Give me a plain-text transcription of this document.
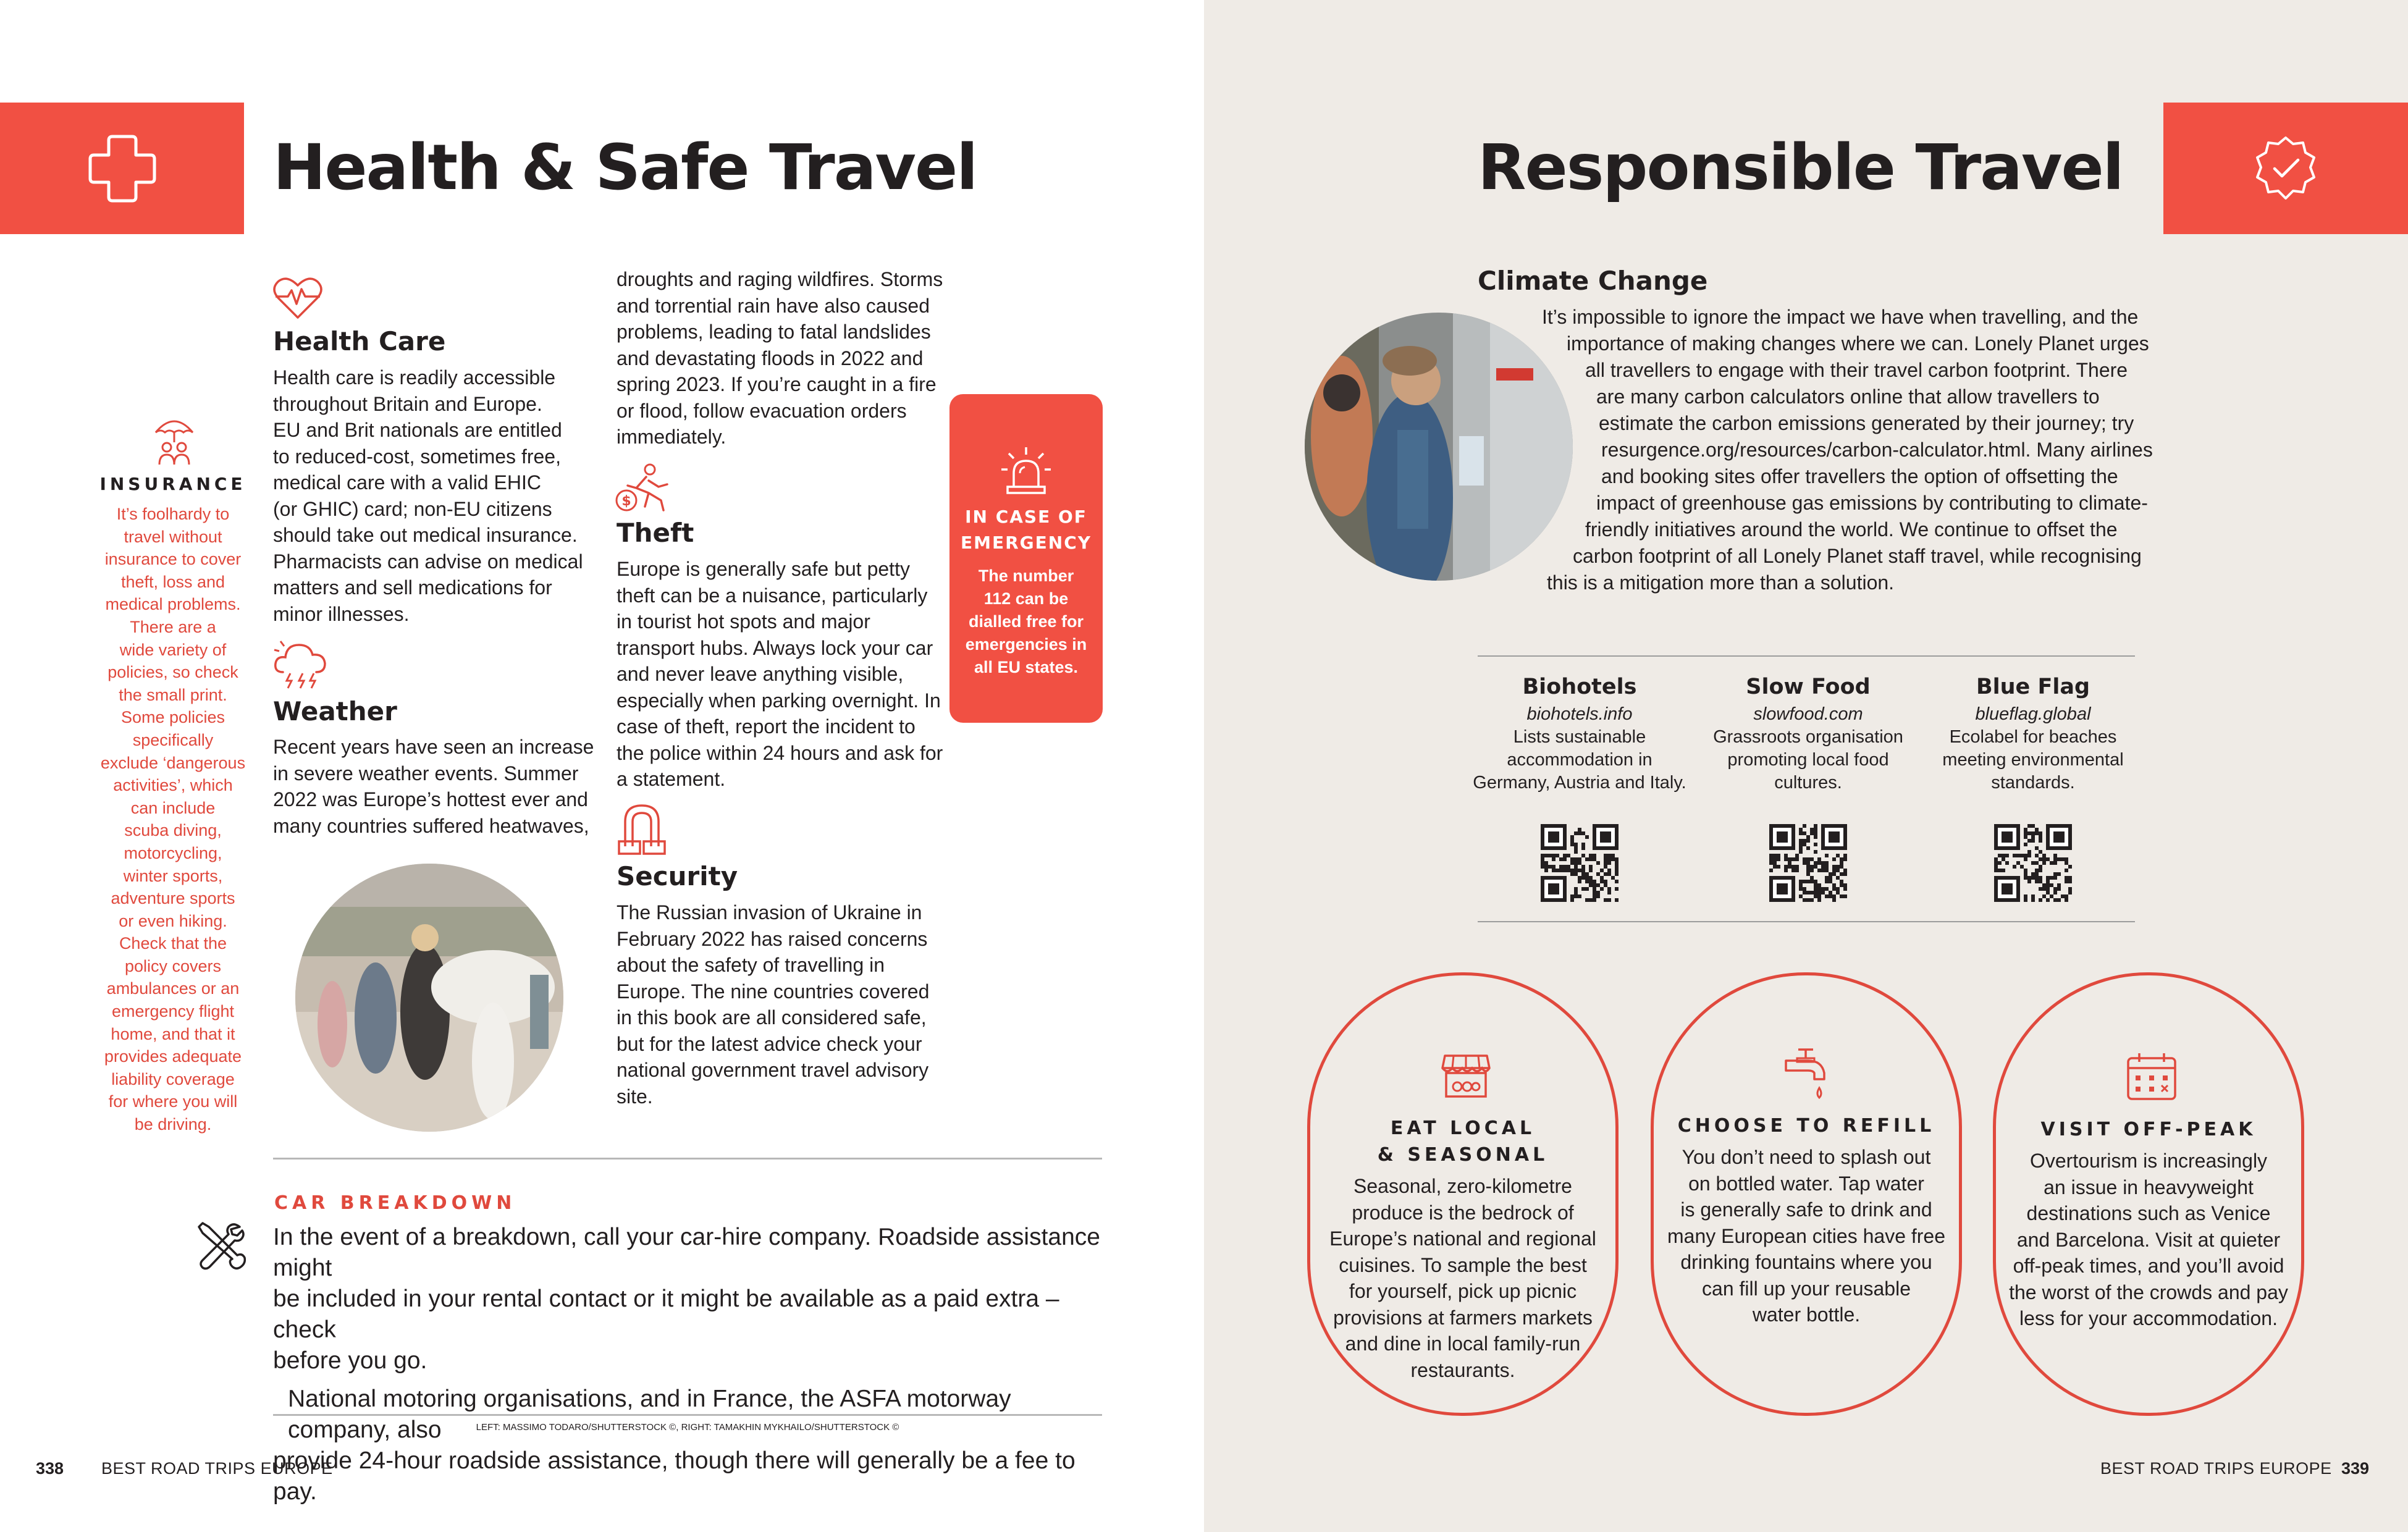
Health & Safe Travel
INSURANCE
It’s foolhardy to
travel without
insurance to cover
theft, loss and
medical problems.
There are a
wide variety of
policies, so check
the small print.
Some policies
specifically
exclude ‘dangerous
activities’, which
can include
scuba diving,
motorcycling,
winter sports,
adventure sports
or even hiking.
Check that the
policy covers
ambulances or an
emergency flight
home, and that it
provides adequate
liability coverage
for where you will
be driving.
Health Care
Health care is readily accessible
throughout Britain and Europe.
EU and Brit nationals are entitled
to reduced-cost, sometimes free,
medical care with a valid EHIC
(or GHIC) card; non-EU citizens
should take out medical insurance.
Pharmacists can advise on medical
matters and sell medications for
minor illnesses.
Weather
Recent years have seen an increase
in severe weather events. Summer
2022 was Europe’s hottest ever and
many countries suffered heatwaves,
droughts and raging wildfires. Storms
and torrential rain have also caused
problems, leading to fatal landslides
and devastating floods in 2022 and
spring 2023. If you’re caught in a fire
or flood, follow evacuation orders
immediately.
$
Theft
Europe is generally safe but petty
theft can be a nuisance, particularly
in tourist hot spots and major
transport hubs. Always lock your car
and never leave anything visible,
especially when parking overnight. In
case of theft, report the incident to
the police within 24 hours and ask for
a statement.
Security
The Russian invasion of Ukraine in
February 2022 has raised concerns
about the safety of travelling in
Europe. The nine countries covered
in this book are all considered safe,
but for the latest advice check your
national government travel advisory
site.
IN CASE OF
EMERGENCY
The number
112 can be
dialled free for
emergencies in
all EU states.
CAR BREAKDOWN
In the event of a breakdown, call your car-hire company. Roadside assistance might
be included in your rental contact or it might be available as a paid extra – check
before you go.
National motoring organisations, and in France, the ASFA motorway company, also
provide 24-hour roadside assistance, though there will generally be a fee to pay.
LEFT: MASSIMO TODARO/SHUTTERSTOCK ©, RIGHT: TAMAKHIN MYKHAILO/SHUTTERSTOCK ©
338 BEST ROAD TRIPS EUROPE
Responsible Travel
Climate Change
It’s impossible to ignore the impact we have when travelling, and the
importance of making changes where we can. Lonely Planet urges
all travellers to engage with their travel carbon footprint. There
are many carbon calculators online that allow travellers to
estimate the carbon emissions generated by their journey; try
resurgence.org/resources/carbon-calculator.html. Many airlines
and booking sites offer travellers the option of offsetting the
impact of greenhouse gas emissions by contributing to climate-
friendly initiatives around the world. We continue to offset the
carbon footprint of all Lonely Planet staff travel, while recognising
this is a mitigation more than a solution.
Biohotels
biohotels.info
Lists sustainable
accommodation in
Germany, Austria and Italy.
Slow Food
slowfood.com
Grassroots organisation
promoting local food
cultures.
Blue Flag
blueflag.global
Ecolabel for beaches
meeting environmental
standards.
EAT LOCAL
& SEASONAL
Seasonal, zero-kilometre
produce is the bedrock of
Europe’s national and regional
cuisines. To sample the best
for yourself, pick up picnic
provisions at farmers markets
and dine in local family-run
restaurants.
CHOOSE TO REFILL
You don’t need to splash out
on bottled water. Tap water
is generally safe to drink and
many European cities have free
drinking fountains where you
can fill up your reusable
water bottle.
VISIT OFF-PEAK
Overtourism is increasingly
an issue in heavyweight
destinations such as Venice
and Barcelona. Visit at quieter
off-peak times, and you’ll avoid
the worst of the crowds and pay
less for your accommodation.
BEST ROAD TRIPS EUROPE 339
